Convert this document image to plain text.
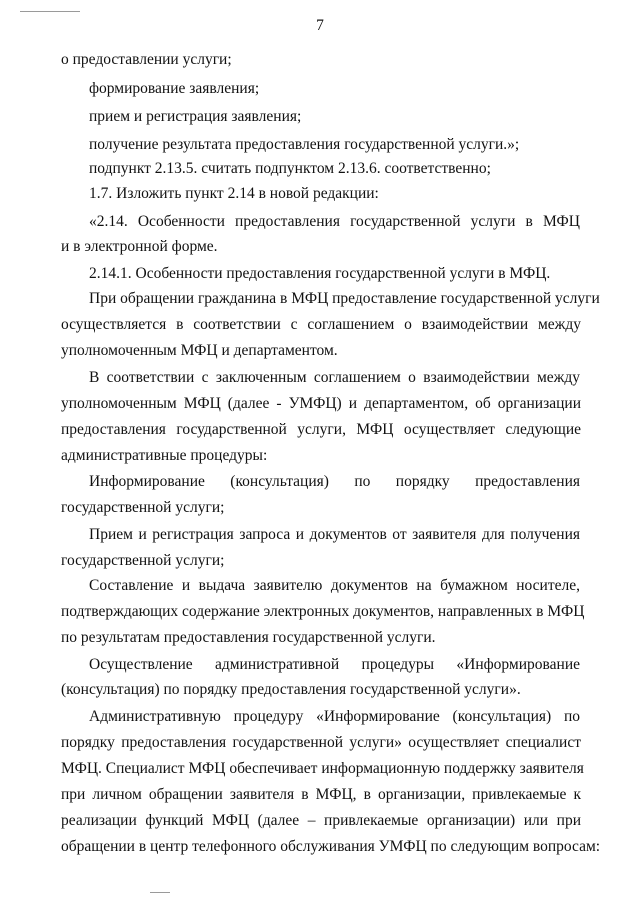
7
о предоставлении услуги;
формирование заявления;
прием и регистрация заявления;
получение результата предоставления государственной услуги.»;
подпункт 2.13.5. считать подпунктом 2.13.6. соответственно;
1.7. Изложить пункт 2.14 в новой редакции:
«2.14. Особенности предоставления государственной услуги в МФЦ
и в электронной форме.
2.14.1. Особенности предоставления государственной услуги в МФЦ.
При обращении гражданина в МФЦ предоставление государственной услуги
осуществляется в соответствии с соглашением о взаимодействии между
уполномоченным МФЦ и департаментом.
В соответствии с заключенным соглашением о взаимодействии между
уполномоченным МФЦ (далее - УМФЦ) и департаментом, об организации
предоставления государственной услуги, МФЦ осуществляет следующие
административные процедуры:
Информирование (консультация) по порядку предоставления
государственной услуги;
Прием и регистрация запроса и документов от заявителя для получения
государственной услуги;
Составление и выдача заявителю документов на бумажном носителе,
подтверждающих содержание электронных документов, направленных в МФЦ
по результатам предоставления государственной услуги.
Осуществление административной процедуры «Информирование
(консультация) по порядку предоставления государственной услуги».
Административную процедуру «Информирование (консультация) по
порядку предоставления государственной услуги» осуществляет специалист
МФЦ. Специалист МФЦ обеспечивает информационную поддержку заявителя
при личном обращении заявителя в МФЦ, в организации, привлекаемые к
реализации функций МФЦ (далее – привлекаемые организации) или при
обращении в центр телефонного обслуживания УМФЦ по следующим вопросам:
